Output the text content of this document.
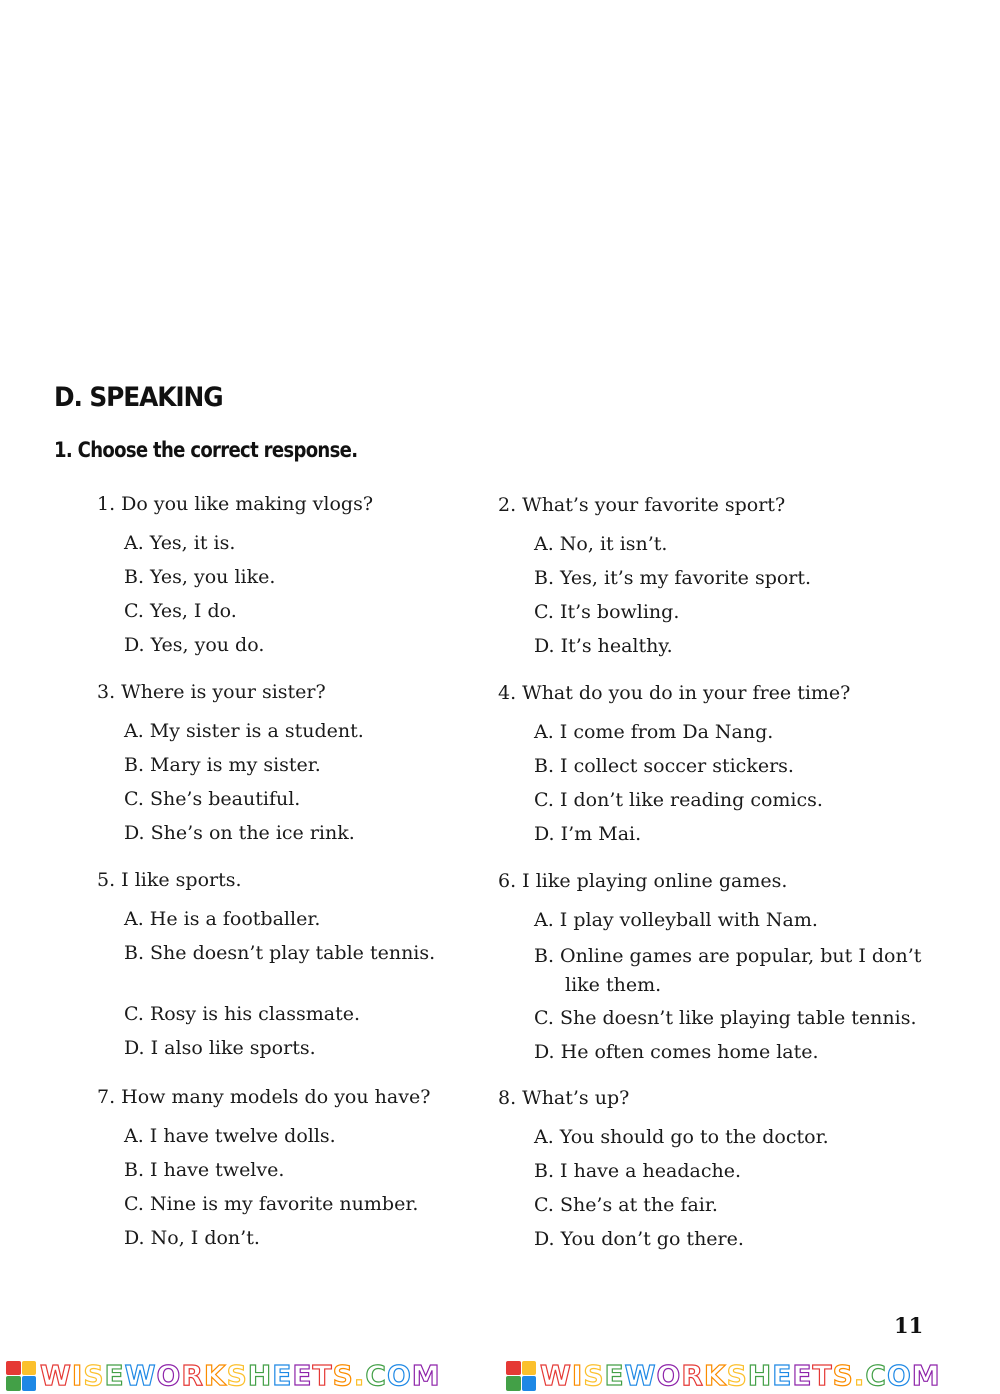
D. SPEAKING
1. Choose the correct response.
1. Do you like making vlogs?
A. Yes, it is.
B. Yes, you like.
C. Yes, I do.
D. Yes, you do.
2. What’s your favorite sport?
A. No, it isn’t.
B. Yes, it’s my favorite sport.
C. It’s bowling.
D. It’s healthy.
3. Where is your sister?
A. My sister is a student.
B. Mary is my sister.
C. She’s beautiful.
D. She’s on the ice rink.
4. What do you do in your free time?
A. I come from Da Nang.
B. I collect soccer stickers.
C. I don’t like reading comics.
D. I’m Mai.
5. I like sports.
A. He is a footballer.
B. She doesn’t play table tennis.
C. Rosy is his classmate.
D. I also like sports.
6. I like playing online games.
A. I play volleyball with Nam.
B. Online games are popular, but I don’t like them.
C. She doesn’t like playing table tennis.
D. He often comes home late.
7. How many models do you have?
A. I have twelve dolls.
B. I have twelve.
C. Nine is my favorite number.
D. No, I don’t.
8. What’s up?
A. You should go to the doctor.
B. I have a headache.
C. She’s at the fair.
D. You don’t go there.
11
WISEWORKSHEETS.COM	WISEWORKSHEETS.COM
